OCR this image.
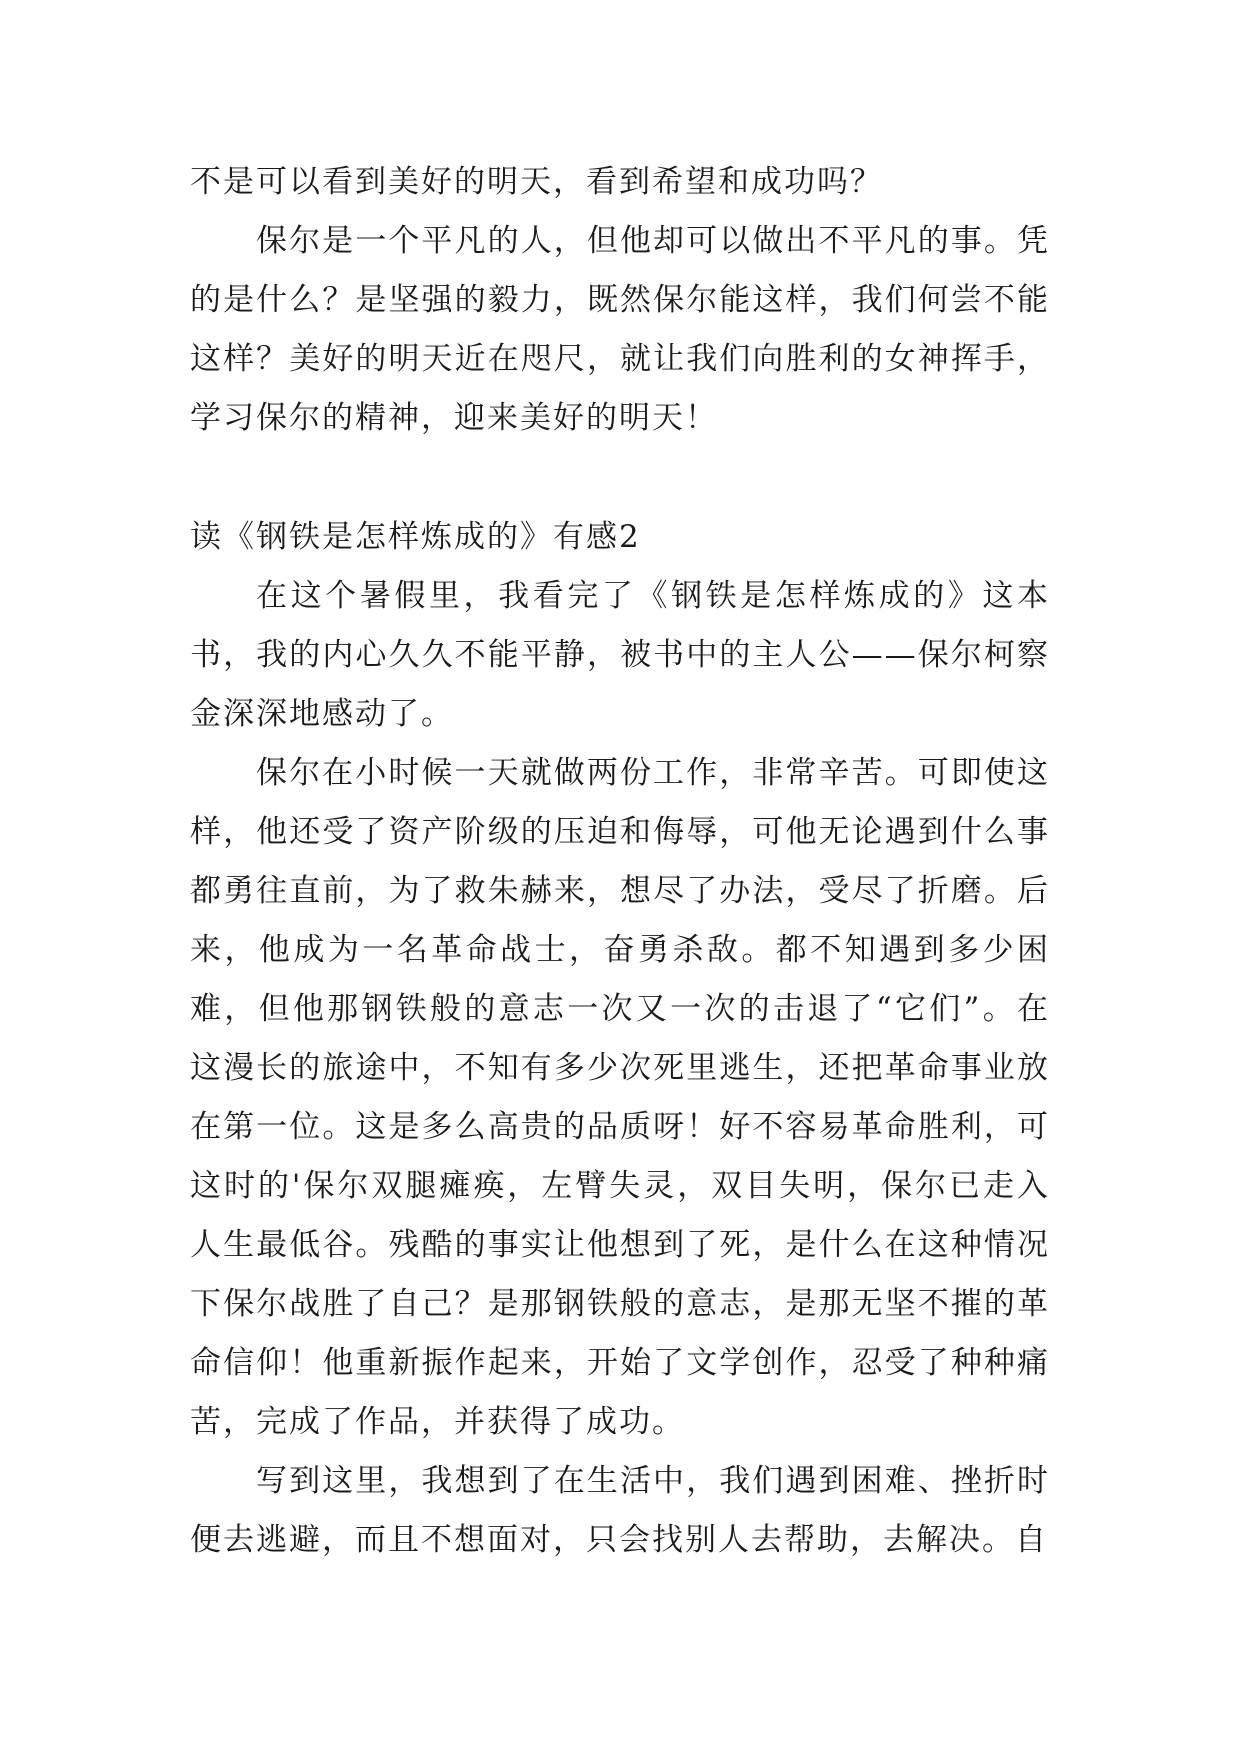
不是可以看到美好的明天，看到希望和成功吗？

保尔是一个平凡的人，但他却可以做出不平凡的事。凭的是什么？是坚强的毅力，既然保尔能这样，我们何尝不能这样？美好的明天近在咫尺，就让我们向胜利的女神挥手，学习保尔的精神，迎来美好的明天！

读《钢铁是怎样炼成的》有感2

在这个暑假里，我看完了《钢铁是怎样炼成的》这本书，我的内心久久不能平静，被书中的主人公——保尔柯察金深深地感动了。

保尔在小时候一天就做两份工作，非常辛苦。可即使这样，他还受了资产阶级的压迫和侮辱，可他无论遇到什么事都勇往直前，为了救朱赫来，想尽了办法，受尽了折磨。后来，他成为一名革命战士，奋勇杀敌。都不知遇到多少困难，但他那钢铁般的意志一次又一次的击退了“它们”。在这漫长的旅途中，不知有多少次死里逃生，还把革命事业放在第一位。这是多么高贵的品质呀！好不容易革命胜利，可这时的'保尔双腿瘫痪，左臂失灵，双目失明，保尔已走入人生最低谷。残酷的事实让他想到了死，是什么在这种情况下保尔战胜了自己？是那钢铁般的意志，是那无坚不摧的革命信仰！他重新振作起来，开始了文学创作，忍受了种种痛苦，完成了作品，并获得了成功。

写到这里，我想到了在生活中，我们遇到困难、挫折时便去逃避，而且不想面对，只会找别人去帮助，去解决。自
